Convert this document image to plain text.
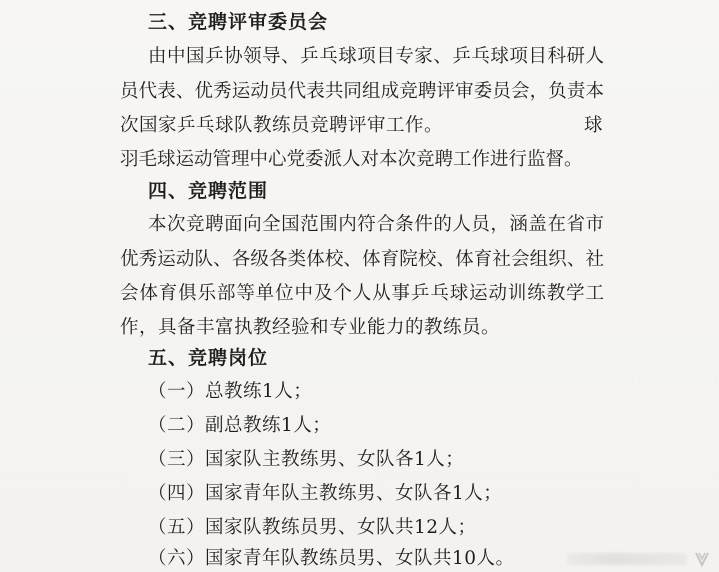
三、竞聘评审委员会
由中国乒协领导、乒乓球项目专家、乒乓球项目科研人
员代表、优秀运动员代表共同组成竞聘评审委员会，负责本
次国家乒乓球队教练员竞聘评审工作。	球
羽毛球运动管理中心党委派人对本次竞聘工作进行监督。
四、竞聘范围
本次竞聘面向全国范围内符合条件的人员，涵盖在省市
优秀运动队、各级各类体校、体育院校、体育社会组织、社
会体育俱乐部等单位中及个人从事乒乓球运动训练教学工
作，具备丰富执教经验和专业能力的教练员。
五、竞聘岗位
（一）总教练1人；
（二）副总教练1人；
（三）国家队主教练男、女队各1人；
（四）国家青年队主教练男、女队各1人；
（五）国家队教练员男、女队共12人；
（六）国家青年队教练员男、女队共10人。
